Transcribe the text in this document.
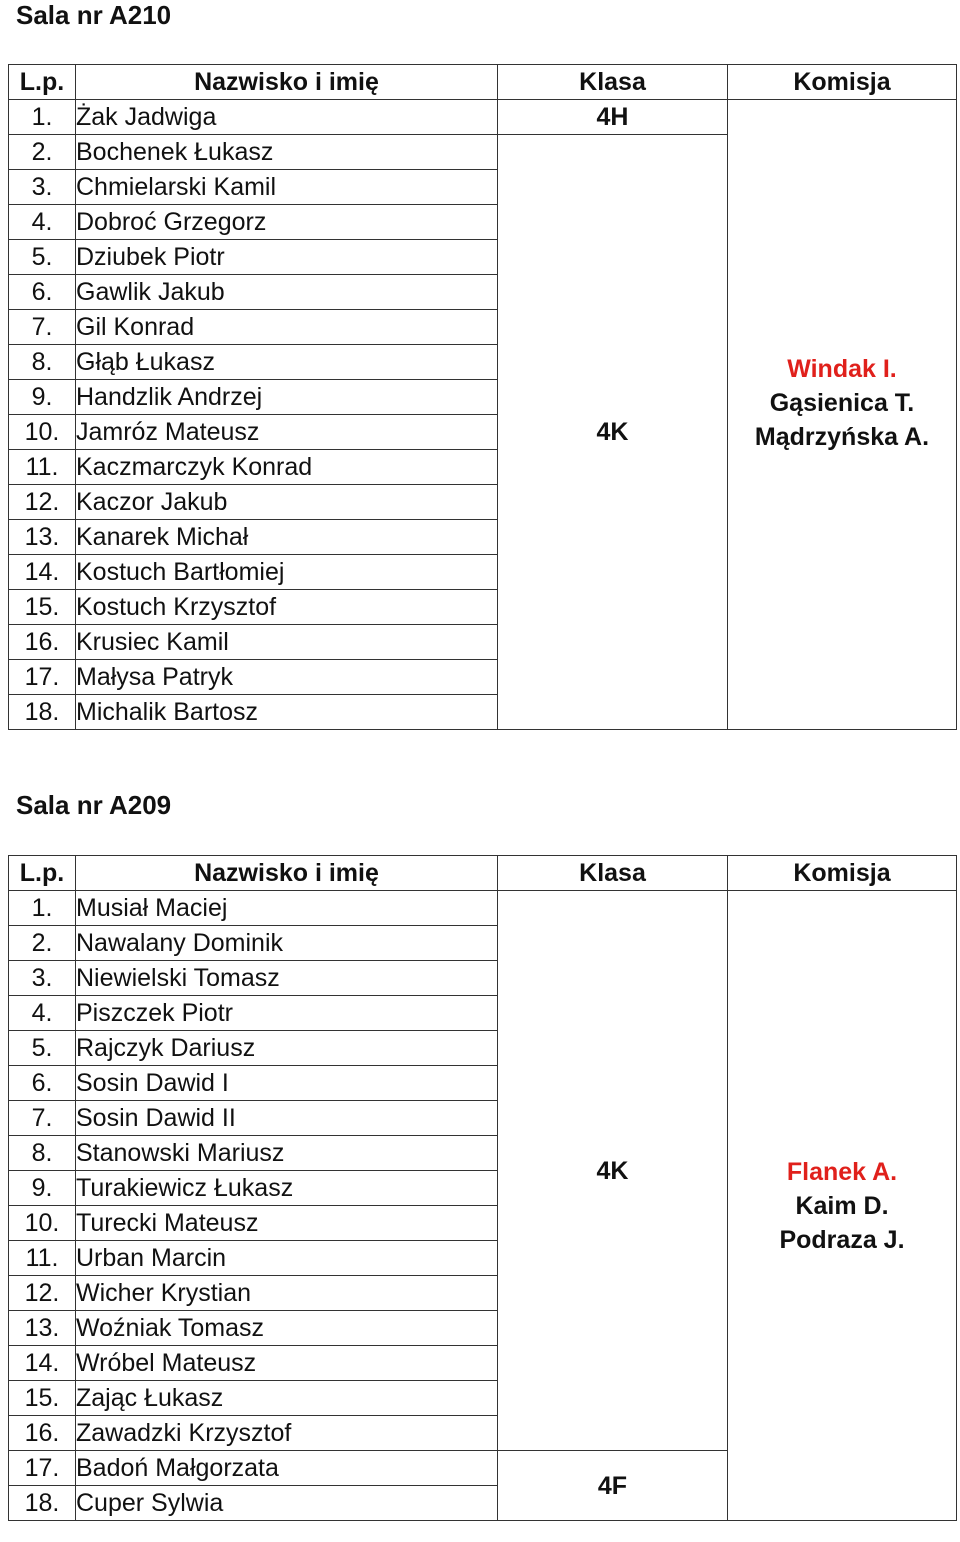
Sala nr A210
L.p.	Nazwisko i imię	Klasa	Komisja
1.	Żak Jadwiga	4H	Windak I.
Gąsienica T.
Mądrzyńska A.

2.	Bochenek Łukasz	4K	
3.	Chmielarski Kamil		
4.	Dobroć Grzegorz		
5.	Dziubek Piotr		
6.	Gawlik Jakub		
7.	Gil Konrad		
8.	Głąb Łukasz		
9.	Handzlik Andrzej		
10.	Jamróz Mateusz		
11.	Kaczmarczyk Konrad		
12.	Kaczor Jakub		
13.	Kanarek Michał		
14.	Kostuch Bartłomiej		
15.	Kostuch Krzysztof		
16.	Krusiec Kamil		
17.	Małysa Patryk		
18.	Michalik Bartosz		
Sala nr A209
L.p.	Nazwisko i imię	Klasa	Komisja
1.	Musiał Maciej	4K	Flanek A.
Kaim D.
Podraza J.

2.	Nawalany Dominik		
3.	Niewielski Tomasz		
4.	Piszczek Piotr		
5.	Rajczyk Dariusz		
6.	Sosin Dawid I		
7.	Sosin Dawid II		
8.	Stanowski Mariusz		
9.	Turakiewicz Łukasz		
10.	Turecki Mateusz		
11.	Urban Marcin		
12.	Wicher Krystian		
13.	Woźniak Tomasz		
14.	Wróbel Mateusz		
15.	Zając Łukasz		
16.	Zawadzki Krzysztof		
17.	Badoń Małgorzata	4F	
18.	Cuper Sylwia		
